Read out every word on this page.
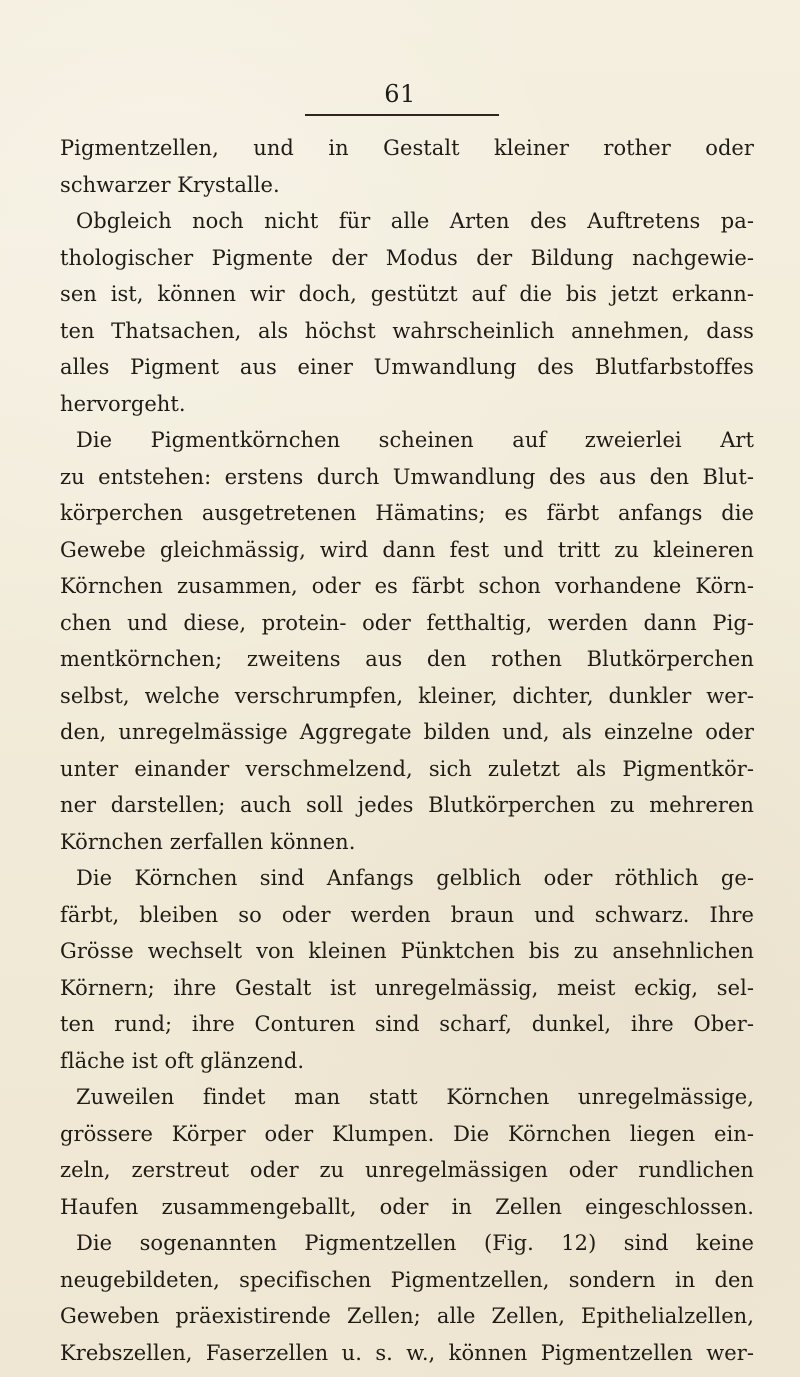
61
Pigmentzellen, und in Gestalt kleiner rother oder
schwarzer Krystalle.
Obgleich noch nicht für alle Arten des Auftretens pa-
thologischer Pigmente der Modus der Bildung nachgewie-
sen ist, können wir doch, gestützt auf die bis jetzt erkann-
ten Thatsachen, als höchst wahrscheinlich annehmen, dass
alles Pigment aus einer Umwandlung des Blutfarbstoffes
hervorgeht.
Die Pigmentkörnchen scheinen auf zweierlei Art
zu entstehen: erstens durch Umwandlung des aus den Blut-
körperchen ausgetretenen Hämatins; es färbt anfangs die
Gewebe gleichmässig, wird dann fest und tritt zu kleineren
Körnchen zusammen, oder es färbt schon vorhandene Körn-
chen und diese, protein- oder fetthaltig, werden dann Pig-
mentkörnchen; zweitens aus den rothen Blutkörperchen
selbst, welche verschrumpfen, kleiner, dichter, dunkler wer-
den, unregelmässige Aggregate bilden und, als einzelne oder
unter einander verschmelzend, sich zuletzt als Pigmentkör-
ner darstellen; auch soll jedes Blutkörperchen zu mehreren
Körnchen zerfallen können.
Die Körnchen sind Anfangs gelblich oder röthlich ge-
färbt, bleiben so oder werden braun und schwarz. Ihre
Grösse wechselt von kleinen Pünktchen bis zu ansehnlichen
Körnern; ihre Gestalt ist unregelmässig, meist eckig, sel-
ten rund; ihre Conturen sind scharf, dunkel, ihre Ober-
fläche ist oft glänzend.
Zuweilen findet man statt Körnchen unregelmässige,
grössere Körper oder Klumpen. Die Körnchen liegen ein-
zeln, zerstreut oder zu unregelmässigen oder rundlichen
Haufen zusammengeballt, oder in Zellen eingeschlossen.
Die sogenannten Pigmentzellen (Fig. 12) sind keine
neugebildeten, specifischen Pigmentzellen, sondern in den
Geweben präexistirende Zellen; alle Zellen, Epithelialzellen,
Krebszellen, Faserzellen u. s. w., können Pigmentzellen wer-
